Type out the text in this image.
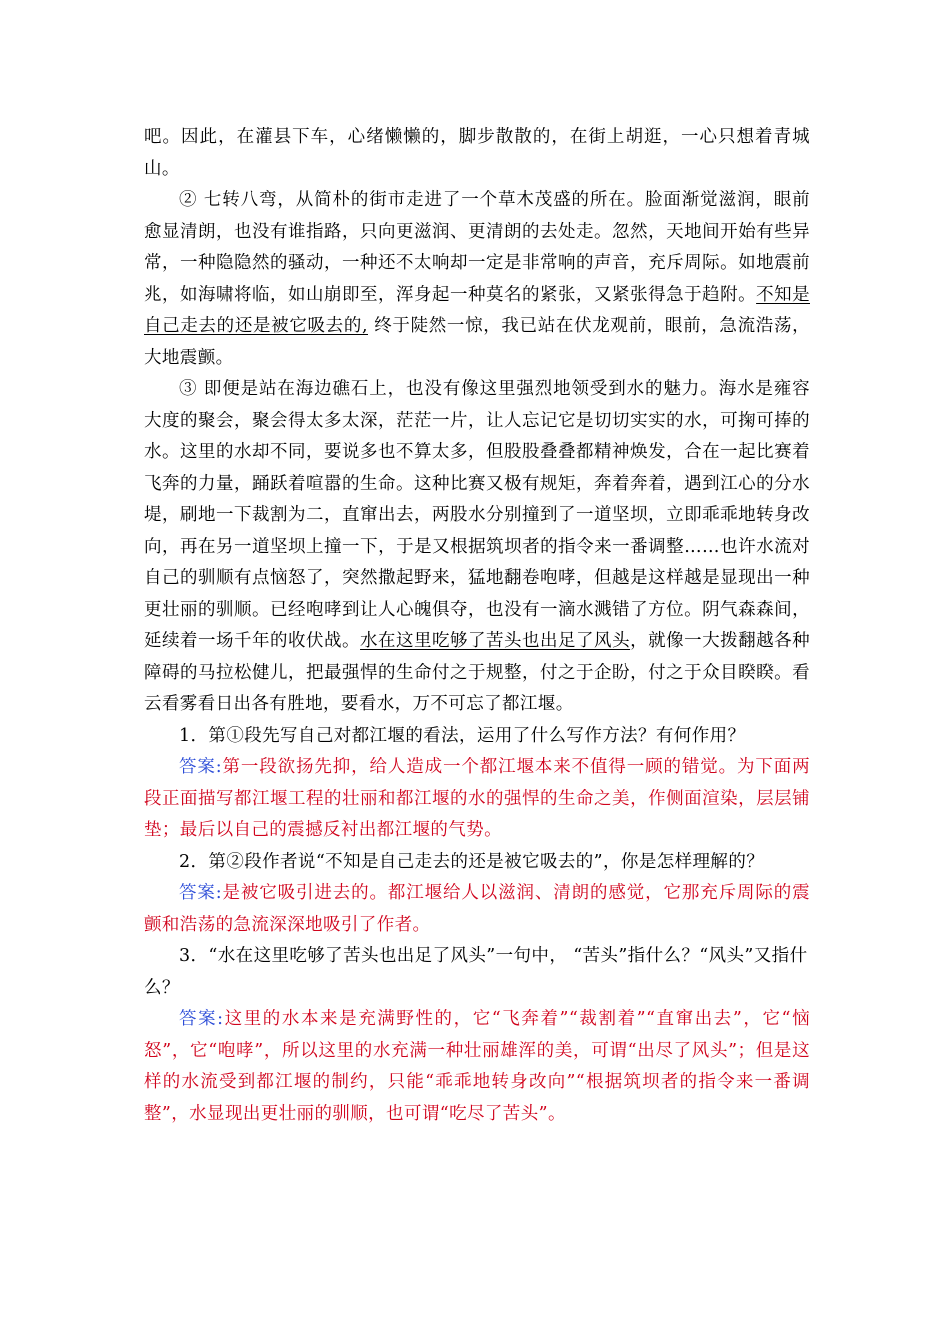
吧。因此，在灌县下车，心绪懒懒的，脚步散散的，在街上胡逛，一心只想着青城山。

② 七转八弯，从简朴的街市走进了一个草木茂盛的所在。脸面渐觉滋润，眼前愈显清朗，也没有谁指路，只向更滋润、更清朗的去处走。忽然，天地间开始有些异常，一种隐隐然的骚动，一种还不太响却一定是非常响的声音，充斥周际。如地震前兆，如海啸将临，如山崩即至，浑身起一种莫名的紧张，又紧张得急于趋附。不知是自己走去的还是被它吸去的, 终于陡然一惊，我已站在伏龙观前，眼前，急流浩荡，大地震颤。

③ 即便是站在海边礁石上，也没有像这里强烈地领受到水的魅力。海水是雍容大度的聚会，聚会得太多太深，茫茫一片，让人忘记它是切切实实的水，可掬可捧的水。这里的水却不同，要说多也不算太多，但股股叠叠都精神焕发，合在一起比赛着飞奔的力量，踊跃着喧嚣的生命。这种比赛又极有规矩，奔着奔着，遇到江心的分水堤，刷地一下裁割为二，直窜出去，两股水分别撞到了一道坚坝，立即乖乖地转身改向，再在另一道坚坝上撞一下，于是又根据筑坝者的指令来一番调整……也许水流对自己的驯顺有点恼怒了，突然撒起野来，猛地翻卷咆哮，但越是这样越是显现出一种更壮丽的驯顺。已经咆哮到让人心魄俱夺，也没有一滴水溅错了方位。阴气森森间，延续着一场千年的收伏战。水在这里吃够了苦头也出足了风头，就像一大拨翻越各种障碍的马拉松健儿，把最强悍的生命付之于规整，付之于企盼，付之于众目睽睽。看云看雾看日出各有胜地，要看水，万不可忘了都江堰。

1．第①段先写自己对都江堰的看法，运用了什么写作方法？有何作用？

答案:第一段欲扬先抑，给人造成一个都江堰本来不值得一顾的错觉。为下面两段正面描写都江堰工程的壮丽和都江堰的水的强悍的生命之美，作侧面渲染，层层铺垫；最后以自己的震撼反衬出都江堰的气势。

2．第②段作者说“不知是自己走去的还是被它吸去的”，你是怎样理解的？

答案:是被它吸引进去的。都江堰给人以滋润、清朗的感觉，它那充斥周际的震颤和浩荡的急流深深地吸引了作者。

3．“水在这里吃够了苦头也出足了风头”一句中， “苦头”指什么？“风头”又指什么？

答案:这里的水本来是充满野性的，它“飞奔着”“裁割着”“直窜出去”，它“恼怒”，它“咆哮”，所以这里的水充满一种壮丽雄浑的美，可谓“出尽了风头”；但是这样的水流受到都江堰的制约，只能“乖乖地转身改向”“根据筑坝者的指令来一番调整”，水显现出更壮丽的驯顺，也可谓“吃尽了苦头”。
